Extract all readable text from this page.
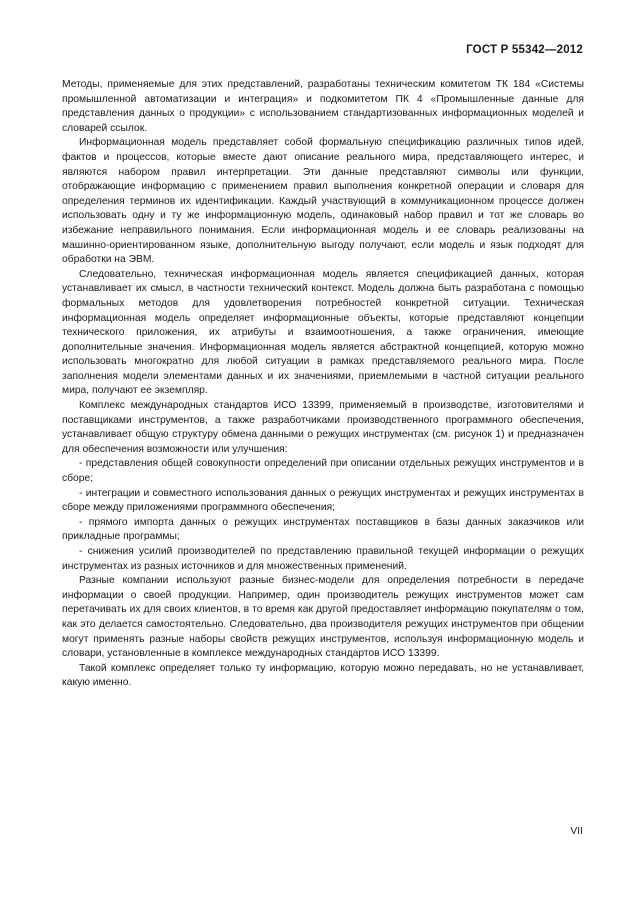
ГОСТ Р 55342—2012

Методы, применяемые для этих представлений, разработаны техническим комитетом ТК 184 «Системы промышленной автоматизации и интеграция» и подкомитетом ПК 4 «Промышленные данные для представления данных о продукции» с использованием стандартизованных информационных моделей и словарей ссылок.

Информационная модель представляет собой формальную спецификацию различных типов идей, фактов и процессов, которые вместе дают описание реального мира, представляющего интерес, и являются набором правил интерпретации. Эти данные представляют символы или функции, отображающие информацию с применением правил выполнения конкретной операции и словаря для определения терминов их идентификации. Каждый участвующий в коммуникационном процессе должен использовать одну и ту же информационную модель, одинаковый набор правил и тот же словарь во избежание неправильного понимания. Если информационная модель и ее словарь реализованы на машинно-ориентированном языке, дополнительную выгоду получают, если модель и язык подходят для обработки на ЭВМ.

Следовательно, техническая информационная модель является спецификацией данных, которая устанавливает их смысл, в частности технический контекст. Модель должна быть разработана с помощью формальных методов для удовлетворения потребностей конкретной ситуации. Техническая информационная модель определяет информационные объекты, которые представляют концепции технического приложения, их атрибуты и взаимоотношения, а также ограничения, имеющие дополнительные значения. Информационная модель является абстрактной концепцией, которую можно использовать многократно для любой ситуации в рамках представляемого реального мира. После заполнения модели элементами данных и их значениями, приемлемыми в частной ситуации реального мира, получают ее экземпляр.

Комплекс международных стандартов ИСО 13399, применяемый в производстве, изготовителями и поставщиками инструментов, а также разработчиками производственного программного обеспечения, устанавливает общую структуру обмена данными о режущих инструментах (см. рисунок 1) и предназначен для обеспечения возможности или улучшения:

- представления общей совокупности определений при описании отдельных режущих инструментов и в сборе;

- интеграции и совместного использования данных о режущих инструментах и режущих инструментах в сборе между приложениями программного обеспечения;

- прямого импорта данных о режущих инструментах поставщиков в базы данных заказчиков или прикладные программы;

- снижения усилий производителей по представлению правильной текущей информации о режущих инструментах из разных источников и для множественных применений.

Разные компании используют разные бизнес-модели для определения потребности в передаче информации о своей продукции. Например, один производитель режущих инструментов может сам перетачивать их для своих клиентов, в то время как другой предоставляет информацию покупателям о том, как это делается самостоятельно. Следовательно, два производителя режущих инструментов при общении могут применять разные наборы свойств режущих инструментов, используя информационную модель и словари, установленные в комплексе международных стандартов ИСО 13399.

Такой комплекс определяет только ту информацию, которую можно передавать, но не устанавливает, какую именно.

VII
